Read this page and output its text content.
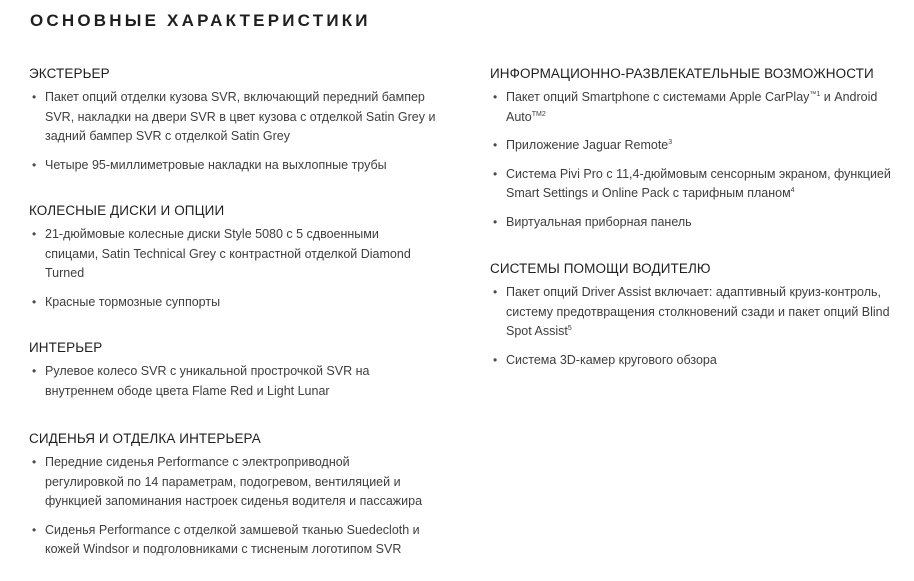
ОСНОВНЫЕ ХАРАКТЕРИСТИКИ
ЭКСТЕРЬЕР
• Пакет опций отделки кузова SVR, включающий передний бампер
SVR, накладки на двери SVR в цвет кузова с отделкой Satin Grey и
задний бампер SVR с отделкой Satin Grey
• Четыре 95-миллиметровые накладки на выхлопные трубы
КОЛЕСНЫЕ ДИСКИ И ОПЦИИ
• 21-дюймовые колесные диски Style 5080 с 5 сдвоенными
спицами, Satin Technical Grey с контрастной отделкой Diamond
Turned
• Красные тормозные суппорты
ИНТЕРЬЕР
• Рулевое колесо SVR с уникальной прострочкой SVR на
внутреннем ободе цвета Flame Red и Light Lunar
СИДЕНЬЯ И ОТДЕЛКА ИНТЕРЬЕРА
• Передние сиденья Performance с электроприводной
регулировкой по 14 параметрам, подогревом, вентиляцией и
функцией запоминания настроек сиденья водителя и пассажира
• Сиденья Performance с отделкой замшевой тканью Suedecloth и
кожей Windsor и подголовниками с тисненым логотипом SVR
ИНФОРМАЦИОННО-РАЗВЛЕКАТЕЛЬНЫЕ ВОЗМОЖНОСТИ
• Пакет опций Smartphone с системами Apple CarPlay$^{™1}$ и Android
Auto$^{TM2}$
• Приложение Jaguar Remote$^3$
• Система Pivi Pro с 11,4-дюймовым сенсорным экраном, функцией
Smart Settings и Online Pack с тарифным планом$^4$
• Виртуальная приборная панель
СИСТЕМЫ ПОМОЩИ ВОДИТЕЛЮ
• Пакет опций Driver Assist включает: адаптивный круиз-контроль,
систему предотвращения столкновений сзади и пакет опций Blind
Spot Assist$^5$
• Система 3D-камер кругового обзора
